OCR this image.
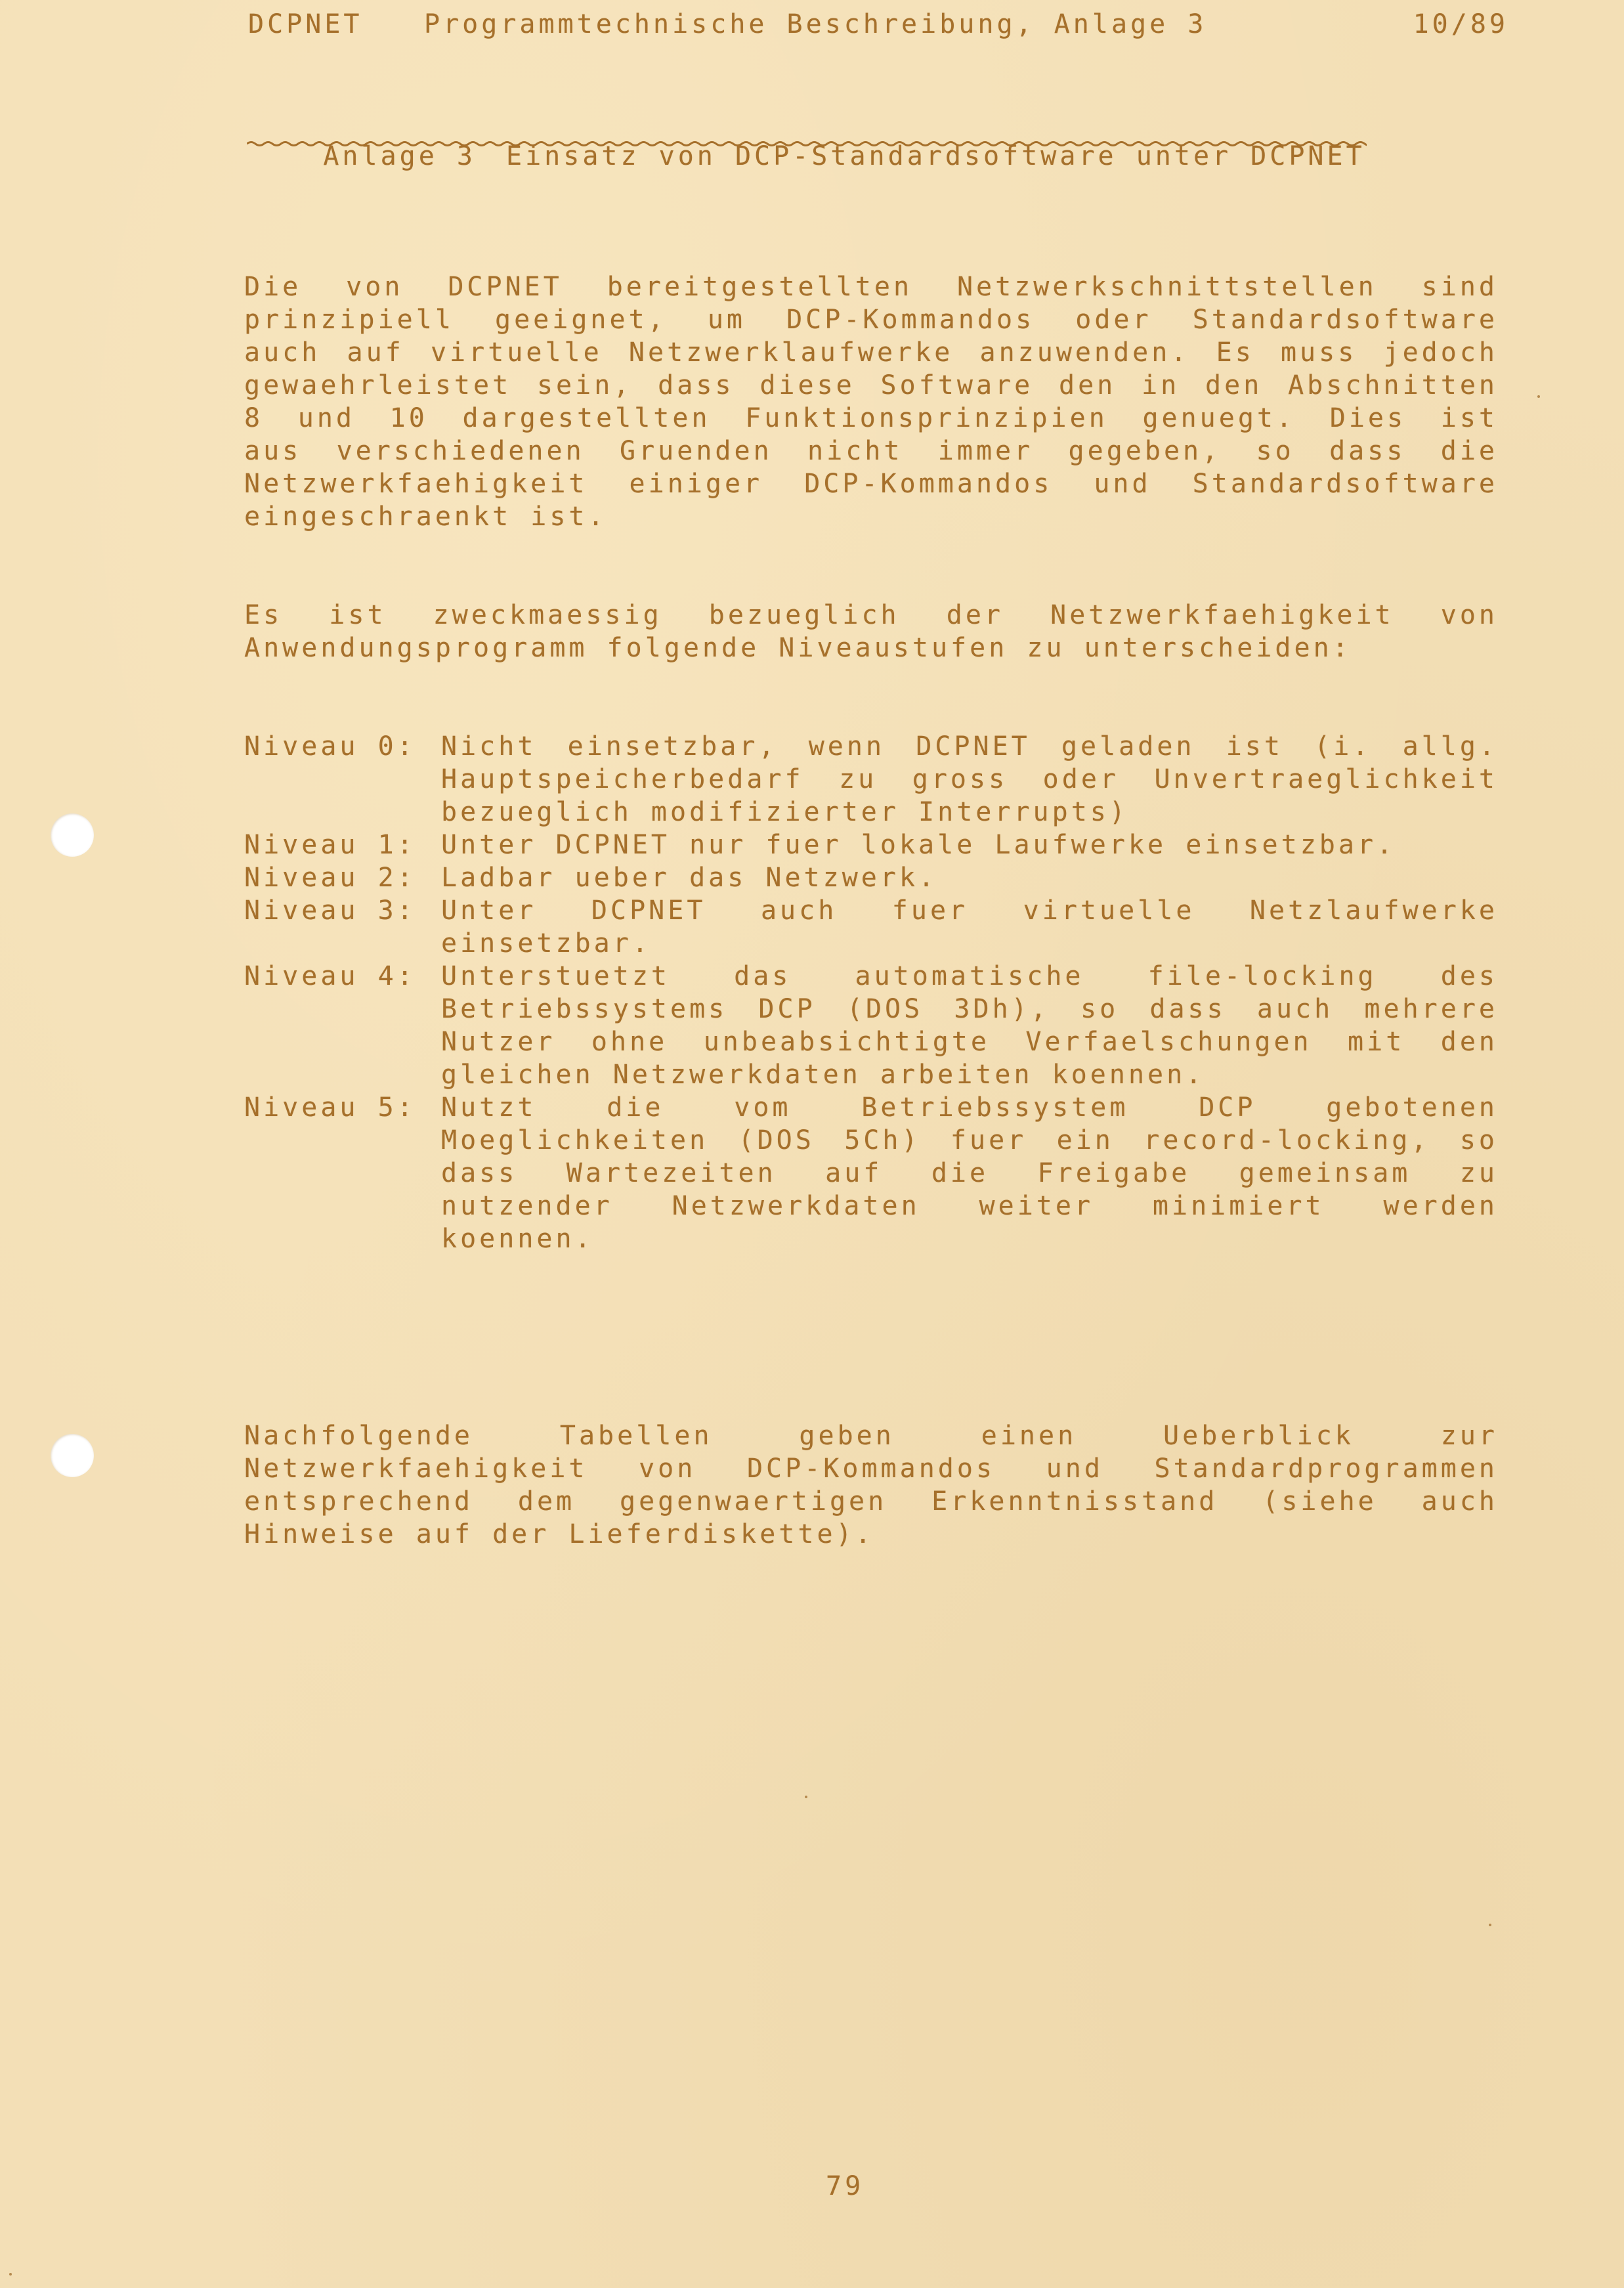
DCPNET

Programmtechnische Beschreibung, Anlage 3

	10/89

Anlage 3 Einsatz von DCP-Standardsoftware unter DCPNET

Die von DCPNET bereitgestellten Netzwerkschnittstellen sind
prinzipiell geeignet, um DCP-Kommandos oder Standardsoftware
auch auf virtuelle Netzwerklaufwerke anzuwenden. Es muss jedoch
gewaehrleistet sein, dass diese Software den in den Abschnitten
8 und 10 dargestellten Funktionsprinzipien genuegt. Dies ist
aus verschiedenen Gruenden nicht immer gegeben, so dass die
Netzwerkfaehigkeit einiger DCP-Kommandos und Standardsoftware
eingeschraenkt ist.

Es ist zweckmaessig bezueglich der Netzwerkfaehigkeit von
Anwendungsprogramm folgende Niveaustufen zu unterscheiden:

Niveau 0: Nicht einsetzbar, wenn DCPNET geladen ist (i. allg.
Hauptspeicherbedarf zu gross oder Unvertraeglichkeit
bezueglich modifizierter Interrupts)
Niveau 1: Unter DCPNET nur fuer lokale Laufwerke einsetzbar.
Niveau 2: Ladbar ueber das Netzwerk.
Niveau 3: Unter DCPNET auch fuer virtuelle Netzlaufwerke
einsetzbar.
Niveau 4: Unterstuetzt das automatische file-locking des
Betriebssystems DCP (DOS 3Dh), so dass auch mehrere
Nutzer ohne unbeabsichtigte Verfaelschungen mit den
gleichen Netzwerkdaten arbeiten koennen.
Niveau 5: Nutzt die vom Betriebssystem DCP gebotenen
Moeglichkeiten (DOS 5Ch) fuer ein record-locking, so
dass Wartezeiten auf die Freigabe gemeinsam zu
nutzender Netzwerkdaten weiter minimiert werden
koennen.

Nachfolgende Tabellen geben einen Ueberblick zur
Netzwerkfaehigkeit von DCP-Kommandos und Standardprogrammen
entsprechend dem gegenwaertigen Erkenntnisstand (siehe auch
Hinweise auf der Lieferdiskette).

79
